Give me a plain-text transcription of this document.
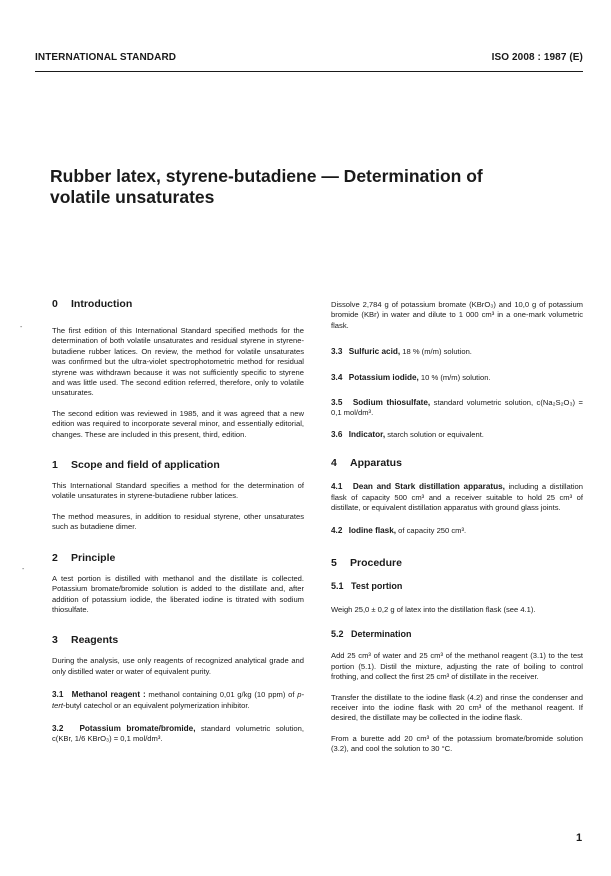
INTERNATIONAL STANDARD	ISO 2008 : 1987 (E)
Rubber latex, styrene-butadiene — Determination of
volatile unsaturates
0 Introduction

The first edition of this International Standard specified methods for the determination of both volatile unsaturates and residual styrene in styrene-butadiene rubber latices. On review, the method for volatile unsaturates was confirmed but the ultra-violet spectrophotometric method for residual styrene was withdrawn because it was not sufficiently specific to styrene and was little used. The second edition referred, therefore, only to volatile unsaturates.

The second edition was reviewed in 1985, and it was agreed that a new edition was required to incorporate several minor, and essentially editorial, changes. These are included in this present, third, edition.

1 Scope and field of application

This International Standard specifies a method for the determination of volatile unsaturates in styrene-butadiene rubber latices.

The method measures, in addition to residual styrene, other unsaturates such as butadiene dimer.

2 Principle

A test portion is distilled with methanol and the distillate is collected. Potassium bromate/bromide solution is added to the distillate and, after addition of potassium iodide, the liberated iodine is titrated with sodium thiosulfate.

3 Reagents

During the analysis, use only reagents of recognized analytical grade and only distilled water or water of equivalent purity.

3.1 Methanol reagent : methanol containing 0,01 g/kg (10 ppm) of p-tert-butyl catechol or an equivalent polymerization inhibitor.

3.2 Potassium bromate/bromide, standard volumetric solution, c(KBr, 1/6 KBrO₃) = 0,1 mol/dm³.

Dissolve 2,784 g of potassium bromate (KBrO₃) and 10,0 g of potassium bromide (KBr) in water and dilute to 1 000 cm³ in a one-mark volumetric flask.

3.3 Sulfuric acid, 18 % (m/m) solution.

3.4 Potassium iodide, 10 % (m/m) solution.

3.5 Sodium thiosulfate, standard volumetric solution, c(Na₂S₂O₃) = 0,1 mol/dm³.

3.6 Indicator, starch solution or equivalent.

4 Apparatus

4.1 Dean and Stark distillation apparatus, including a distillation flask of capacity 500 cm³ and a receiver suitable to hold 25 cm³ of distillate, or equivalent distillation apparatus with ground glass joints.

4.2 Iodine flask, of capacity 250 cm³.

5 Procedure
5.1 Test portion

Weigh 25,0 ± 0,2 g of latex into the distillation flask (see 4.1).

5.2 Determination

Add 25 cm³ of water and 25 cm³ of the methanol reagent (3.1) to the test portion (5.1). Distil the mixture, adjusting the rate of boiling to control frothing, and collect the first 25 cm³ of distillate in the receiver.

Transfer the distillate to the iodine flask (4.2) and rinse the condenser and receiver into the iodine flask with 20 cm³ of the methanol reagent. If desired, the distillate may be collected in the iodine flask.

From a burette add 20 cm³ of the potassium bromate/bromide solution (3.2), and cool the solution to 30 °C.

-
-
1
